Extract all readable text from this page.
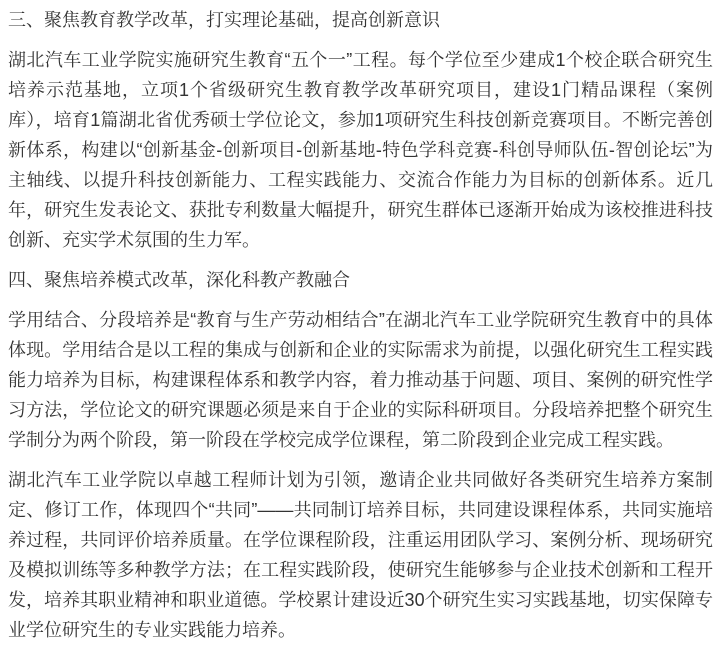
三、聚焦教育教学改革，打实理论基础，提高创新意识

湖北汽车工业学院实施研究生教育“五个一”工程。每个学位至少建成1个校企联合研究生培养示范基地，立项1个省级研究生教育教学改革研究项目，建设1门精品课程（案例库），培育1篇湖北省优秀硕士学位论文，参加1项研究生科技创新竞赛项目。不断完善创新体系，构建以“创新基金-创新项目-创新基地-特色学科竞赛-科创导师队伍-智创论坛”为主轴线、以提升科技创新能力、工程实践能力、交流合作能力为目标的创新体系。近几年，研究生发表论文、获批专利数量大幅提升，研究生群体已逐渐开始成为该校推进科技创新、充实学术氛围的生力军。

四、聚焦培养模式改革，深化科教产教融合

学用结合、分段培养是“教育与生产劳动相结合”在湖北汽车工业学院研究生教育中的具体体现。学用结合是以工程的集成与创新和企业的实际需求为前提，以强化研究生工程实践能力培养为目标，构建课程体系和教学内容，着力推动基于问题、项目、案例的研究性学习方法，学位论文的研究课题必须是来自于企业的实际科研项目。分段培养把整个研究生学制分为两个阶段，第一阶段在学校完成学位课程，第二阶段到企业完成工程实践。

湖北汽车工业学院以卓越工程师计划为引领，邀请企业共同做好各类研究生培养方案制定、修订工作，体现四个“共同”——共同制订培养目标，共同建设课程体系，共同实施培养过程，共同评价培养质量。在学位课程阶段，注重运用团队学习、案例分析、现场研究及模拟训练等多种教学方法；在工程实践阶段，使研究生能够参与企业技术创新和工程开发，培养其职业精神和职业道德。学校累计建设近30个研究生实习实践基地，切实保障专业学位研究生的专业实践能力培养。
